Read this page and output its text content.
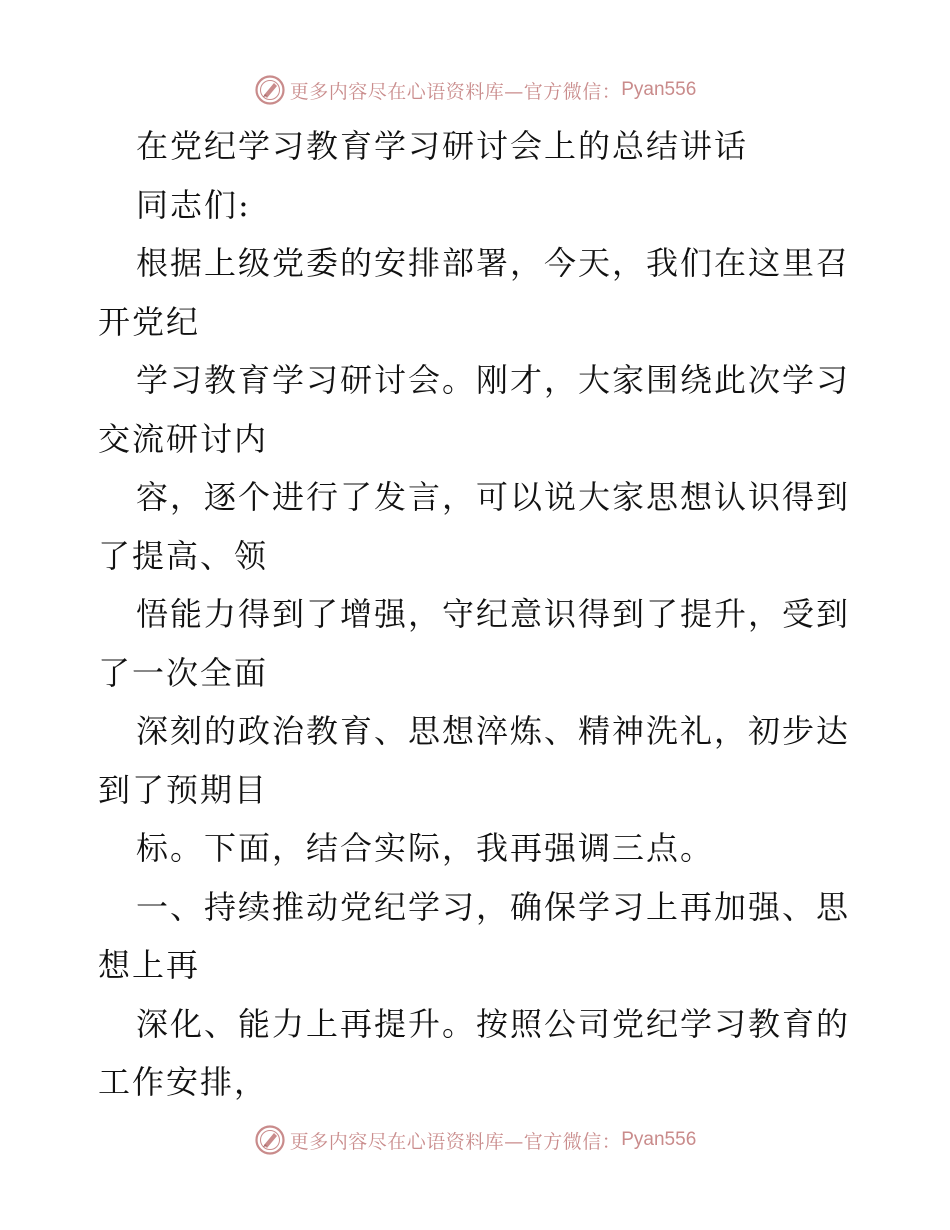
更多内容尽在心语资料库—官方微信： Pyan556
在党纪学习教育学习研讨会上的总结讲话
同志们:
根据上级党委的安排部署，今天，我们在这里召
开党纪
学习教育学习研讨会。刚才，大家围绕此次学习
交流研讨内
容，逐个进行了发言，可以说大家思想认识得到
了提高、领
悟能力得到了增强，守纪意识得到了提升，受到
了一次全面
深刻的政治教育、思想淬炼、精神洗礼，初步达
到了预期目
标。下面，结合实际，我再强调三点。
一、持续推动党纪学习，确保学习上再加强、思
想上再
深化、能力上再提升。按照公司党纪学习教育的
工作安排，
更多内容尽在心语资料库—官方微信： Pyan556
